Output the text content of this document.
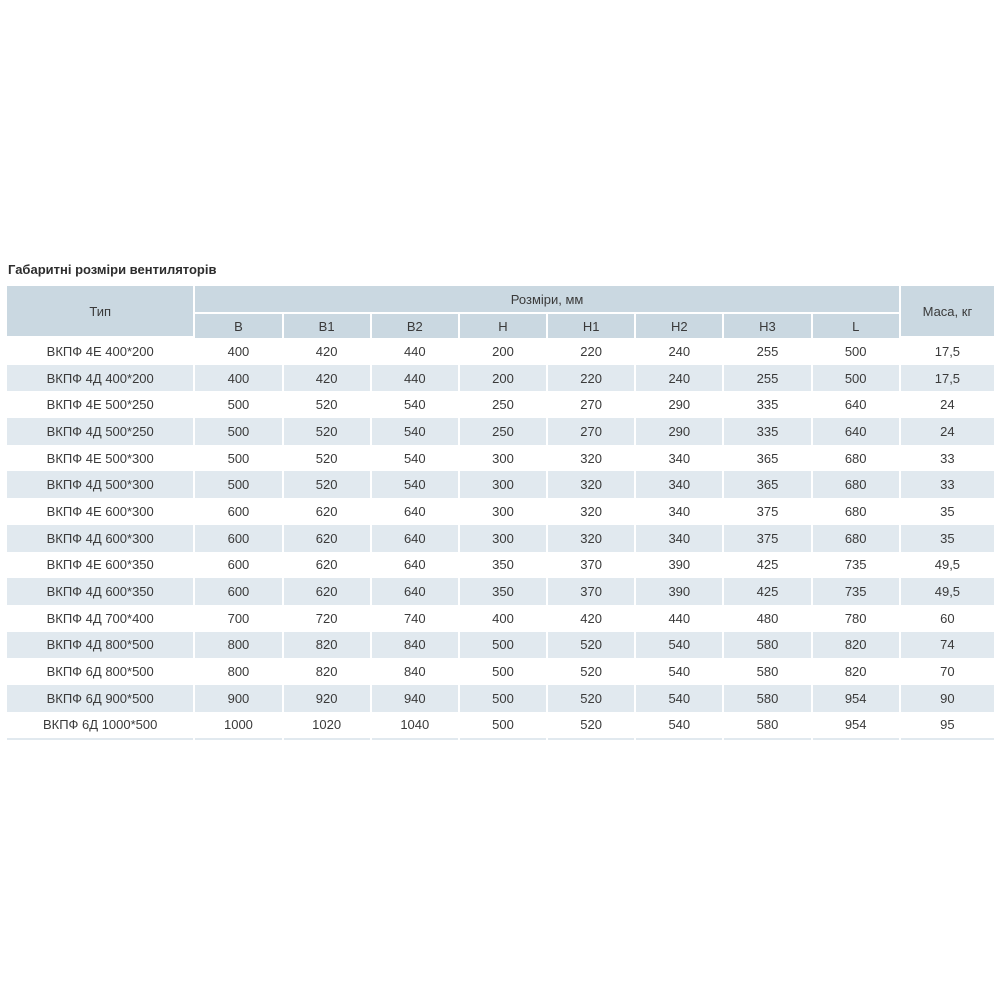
Габаритні розміри вентиляторів
Тип	Розміри, мм								Маса, кг
	B	B1	B2	H	H1	H2	H3	L	
ВКПФ 4Е 400*200	400	420	440	200	220	240	255	500	17,5
ВКПФ 4Д 400*200	400	420	440	200	220	240	255	500	17,5
ВКПФ 4Е 500*250	500	520	540	250	270	290	335	640	24
ВКПФ 4Д 500*250	500	520	540	250	270	290	335	640	24
ВКПФ 4Е 500*300	500	520	540	300	320	340	365	680	33
ВКПФ 4Д 500*300	500	520	540	300	320	340	365	680	33
ВКПФ 4Е 600*300	600	620	640	300	320	340	375	680	35
ВКПФ 4Д 600*300	600	620	640	300	320	340	375	680	35
ВКПФ 4Е 600*350	600	620	640	350	370	390	425	735	49,5
ВКПФ 4Д 600*350	600	620	640	350	370	390	425	735	49,5
ВКПФ 4Д 700*400	700	720	740	400	420	440	480	780	60
ВКПФ 4Д 800*500	800	820	840	500	520	540	580	820	74
ВКПФ 6Д 800*500	800	820	840	500	520	540	580	820	70
ВКПФ 6Д 900*500	900	920	940	500	520	540	580	954	90
ВКПФ 6Д 1000*500	1000	1020	1040	500	520	540	580	954	95
